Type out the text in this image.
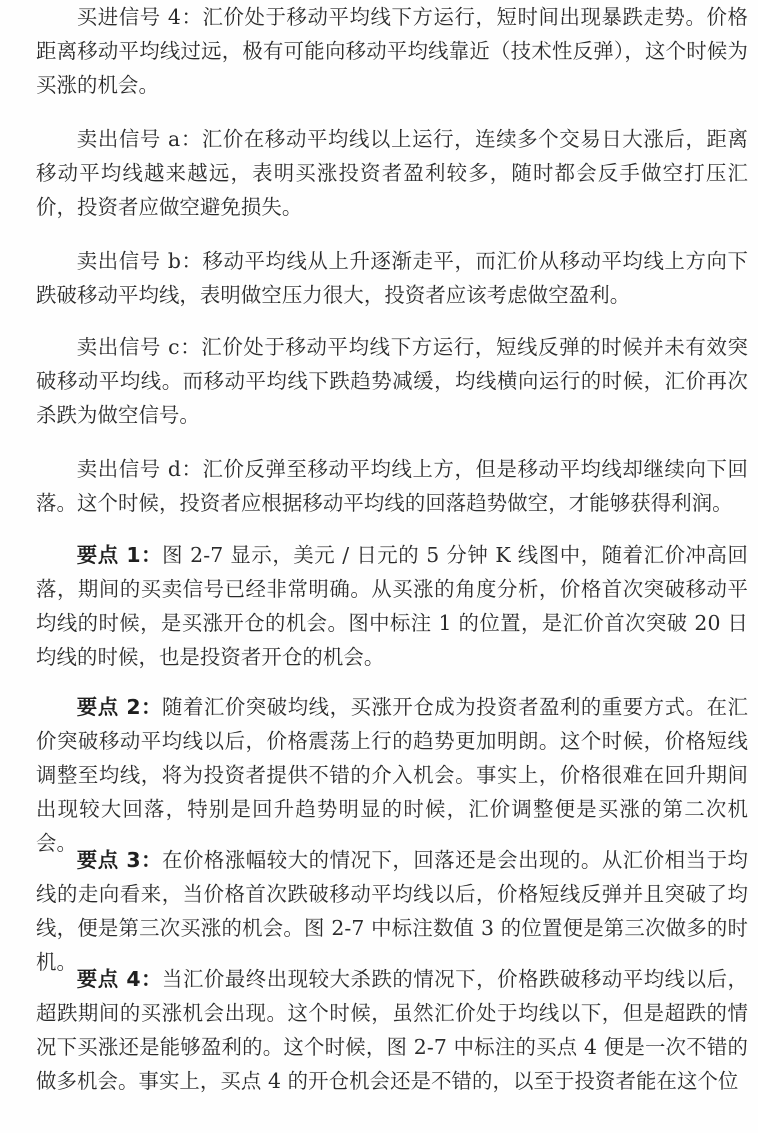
买进信号 4：汇价处于移动平均线下方运行，短时间出现暴跌走势。价格距离移动平均线过远，极有可能向移动平均线靠近（技术性反弹），这个时候为买涨的机会。

卖出信号 a：汇价在移动平均线以上运行，连续多个交易日大涨后，距离移动平均线越来越远，表明买涨投资者盈利较多，随时都会反手做空打压汇价，投资者应做空避免损失。

卖出信号 b：移动平均线从上升逐渐走平，而汇价从移动平均线上方向下跌破移动平均线，表明做空压力很大，投资者应该考虑做空盈利。

卖出信号 c：汇价处于移动平均线下方运行，短线反弹的时候并未有效突破移动平均线。而移动平均线下跌趋势减缓，均线横向运行的时候，汇价再次杀跌为做空信号。

卖出信号 d：汇价反弹至移动平均线上方，但是移动平均线却继续向下回落。这个时候，投资者应根据移动平均线的回落趋势做空，才能够获得利润。

要点 1：图 2-7 显示，美元 / 日元的 5 分钟 K 线图中，随着汇价冲高回落，期间的买卖信号已经非常明确。从买涨的角度分析，价格首次突破移动平均线的时候，是买涨开仓的机会。图中标注 1 的位置，是汇价首次突破 20 日均线的时候，也是投资者开仓的机会。

要点 2：随着汇价突破均线，买涨开仓成为投资者盈利的重要方式。在汇价突破移动平均线以后，价格震荡上行的趋势更加明朗。这个时候，价格短线调整至均线，将为投资者提供不错的介入机会。事实上，价格很难在回升期间出现较大回落，特别是回升趋势明显的时候，汇价调整便是买涨的第二次机会。

要点 3：在价格涨幅较大的情况下，回落还是会出现的。从汇价相当于均线的走向看来，当价格首次跌破移动平均线以后，价格短线反弹并且突破了均线，便是第三次买涨的机会。图 2-7 中标注数值 3 的位置便是第三次做多的时机。

要点 4：当汇价最终出现较大杀跌的情况下，价格跌破移动平均线以后，超跌期间的买涨机会出现。这个时候，虽然汇价处于均线以下，但是超跌的情况下买涨还是能够盈利的。这个时候，图 2-7 中标注的买点 4 便是一次不错的做多机会。事实上，买点 4 的开仓机会还是不错的，以至于投资者能在这个位
